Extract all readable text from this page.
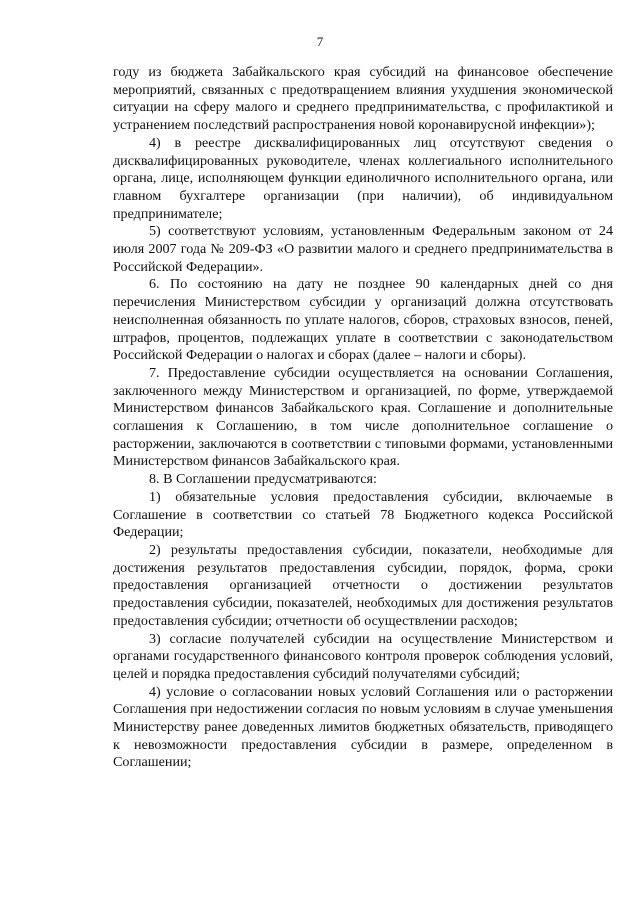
7

году из бюджета Забайкальского края субсидий на финансовое обеспечение мероприятий, связанных с предотвращением влияния ухудшения экономической ситуации на сферу малого и среднего предпринимательства, с профилактикой и устранением последствий распространения новой коронавирусной инфекции»);

4) в реестре дисквалифицированных лиц отсутствуют сведения о дисквалифицированных руководителе, членах коллегиального исполнительного органа, лице, исполняющем функции единоличного исполнительного органа, или главном бухгалтере организации (при наличии), об индивидуальном предпринимателе;

5) соответствуют условиям, установленным Федеральным законом от 24 июля 2007 года № 209-ФЗ «О развитии малого и среднего предпринимательства в Российской Федерации».

6. По состоянию на дату не позднее 90 календарных дней со дня перечисления Министерством субсидии у организаций должна отсутствовать неисполненная обязанность по уплате налогов, сборов, страховых взносов, пеней, штрафов, процентов, подлежащих уплате в соответствии с законодательством Российской Федерации о налогах и сборах (далее – налоги и сборы).

7. Предоставление субсидии осуществляется на основании Соглашения, заключенного между Министерством и организацией, по форме, утверждаемой Министерством финансов Забайкальского края. Соглашение и дополнительные соглашения к Соглашению, в том числе дополнительное соглашение о расторжении, заключаются в соответствии с типовыми формами, установленными Министерством финансов Забайкальского края.

8. В Соглашении предусматриваются:

1) обязательные условия предоставления субсидии, включаемые в Соглашение в соответствии со статьей 78 Бюджетного кодекса Российской Федерации;

2) результаты предоставления субсидии, показатели, необходимые для достижения результатов предоставления субсидии, порядок, форма, сроки предоставления организацией отчетности о достижении результатов предоставления субсидии, показателей, необходимых для достижения результатов предоставления субсидии; отчетности об осуществлении расходов;

3) согласие получателей субсидии на осуществление Министерством и органами государственного финансового контроля проверок соблюдения условий, целей и порядка предоставления субсидий получателями субсидий;

4) условие о согласовании новых условий Соглашения или о расторжении Соглашения при недостижении согласия по новым условиям в случае уменьшения Министерству ранее доведенных лимитов бюджетных обязательств, приводящего к невозможности предоставления субсидии в размере, определенном в Соглашении;
